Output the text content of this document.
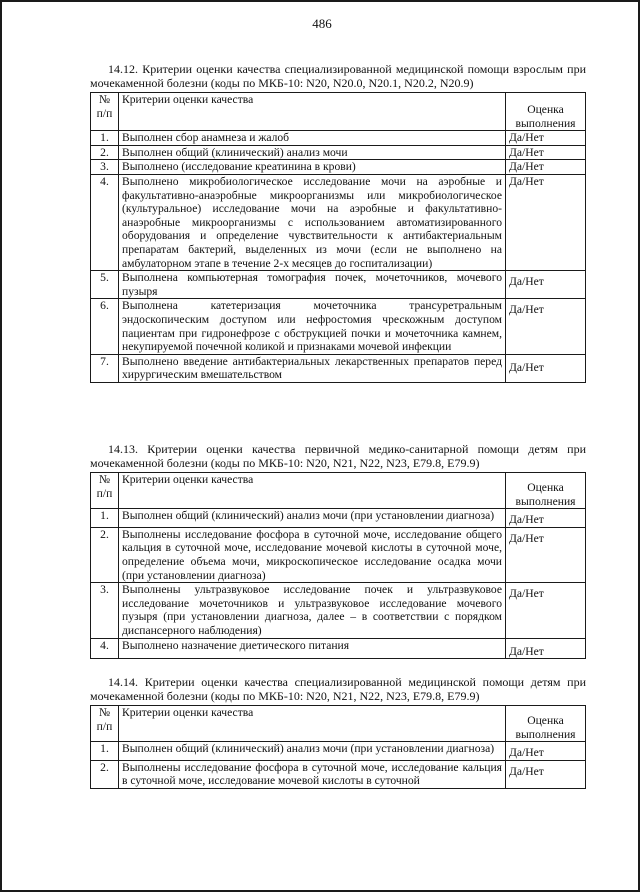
486

14.12. Критерии оценки качества специализированной медицинской помощи взрослым при мочекаменной болезни (коды по МКБ-10: N20, N20.0, N20.1, N20.2, N20.9)

№ п/п	Критерии оценки качества	Оценка выполнения
1.	Выполнен сбор анамнеза и жалоб	Да/Нет
2.	Выполнен общий (клинический) анализ мочи	Да/Нет
3.	Выполнено (исследование креатинина в крови)	Да/Нет
4.	Выполнено микробиологическое исследование мочи на аэробные и факультативно-анаэробные микроорганизмы или микробиологическое (культуральное) исследование мочи на аэробные и факультативно-анаэробные микроорганизмы с использованием автоматизированного оборудования и определение чувствительности к антибактериальным препаратам бактерий, выделенных из мочи (если не выполнено на амбулаторном этапе в течение 2-х месяцев до госпитализации)	Да/Нет
5.	Выполнена компьютерная томография почек, мочеточников, мочевого пузыря	Да/Нет
6.	Выполнена катетеризация мочеточника трансуретральным эндоскопическим доступом или нефростомия чрескожным доступом пациентам при гидронефрозе с обструкцией почки и мочеточника камнем, некупируемой почечной коликой и признаками мочевой инфекции	Да/Нет
7.	Выполнено введение антибактериальных лекарственных препаратов перед хирургическим вмешательством	Да/Нет

14.13. Критерии оценки качества первичной медико-санитарной помощи детям при мочекаменной болезни (коды по МКБ-10: N20, N21, N22, N23, E79.8, E79.9)

№ п/п	Критерии оценки качества	Оценка выполнения
1.	Выполнен общий (клинический) анализ мочи (при установлении диагноза)	Да/Нет
2.	Выполнены исследование фосфора в суточной моче, исследование общего кальция в суточной моче, исследование мочевой кислоты в суточной моче, определение объема мочи, микроскопическое исследование осадка мочи (при установлении диагноза)	Да/Нет
3.	Выполнены ультразвуковое исследование почек и ультразвуковое исследование мочеточников и ультразвуковое исследование мочевого пузыря (при установлении диагноза, далее – в соответствии с порядком диспансерного наблюдения)	Да/Нет
4.	Выполнено назначение диетического питания	Да/Нет

14.14. Критерии оценки качества специализированной медицинской помощи детям при мочекаменной болезни (коды по МКБ-10: N20, N21, N22, N23, E79.8, E79.9)

№ п/п	Критерии оценки качества	Оценка выполнения
1.	Выполнен общий (клинический) анализ мочи (при установлении диагноза)	Да/Нет
2.	Выполнены исследование фосфора в суточной моче, исследование кальция в суточной моче, исследование мочевой кислоты в суточной	Да/Нет
